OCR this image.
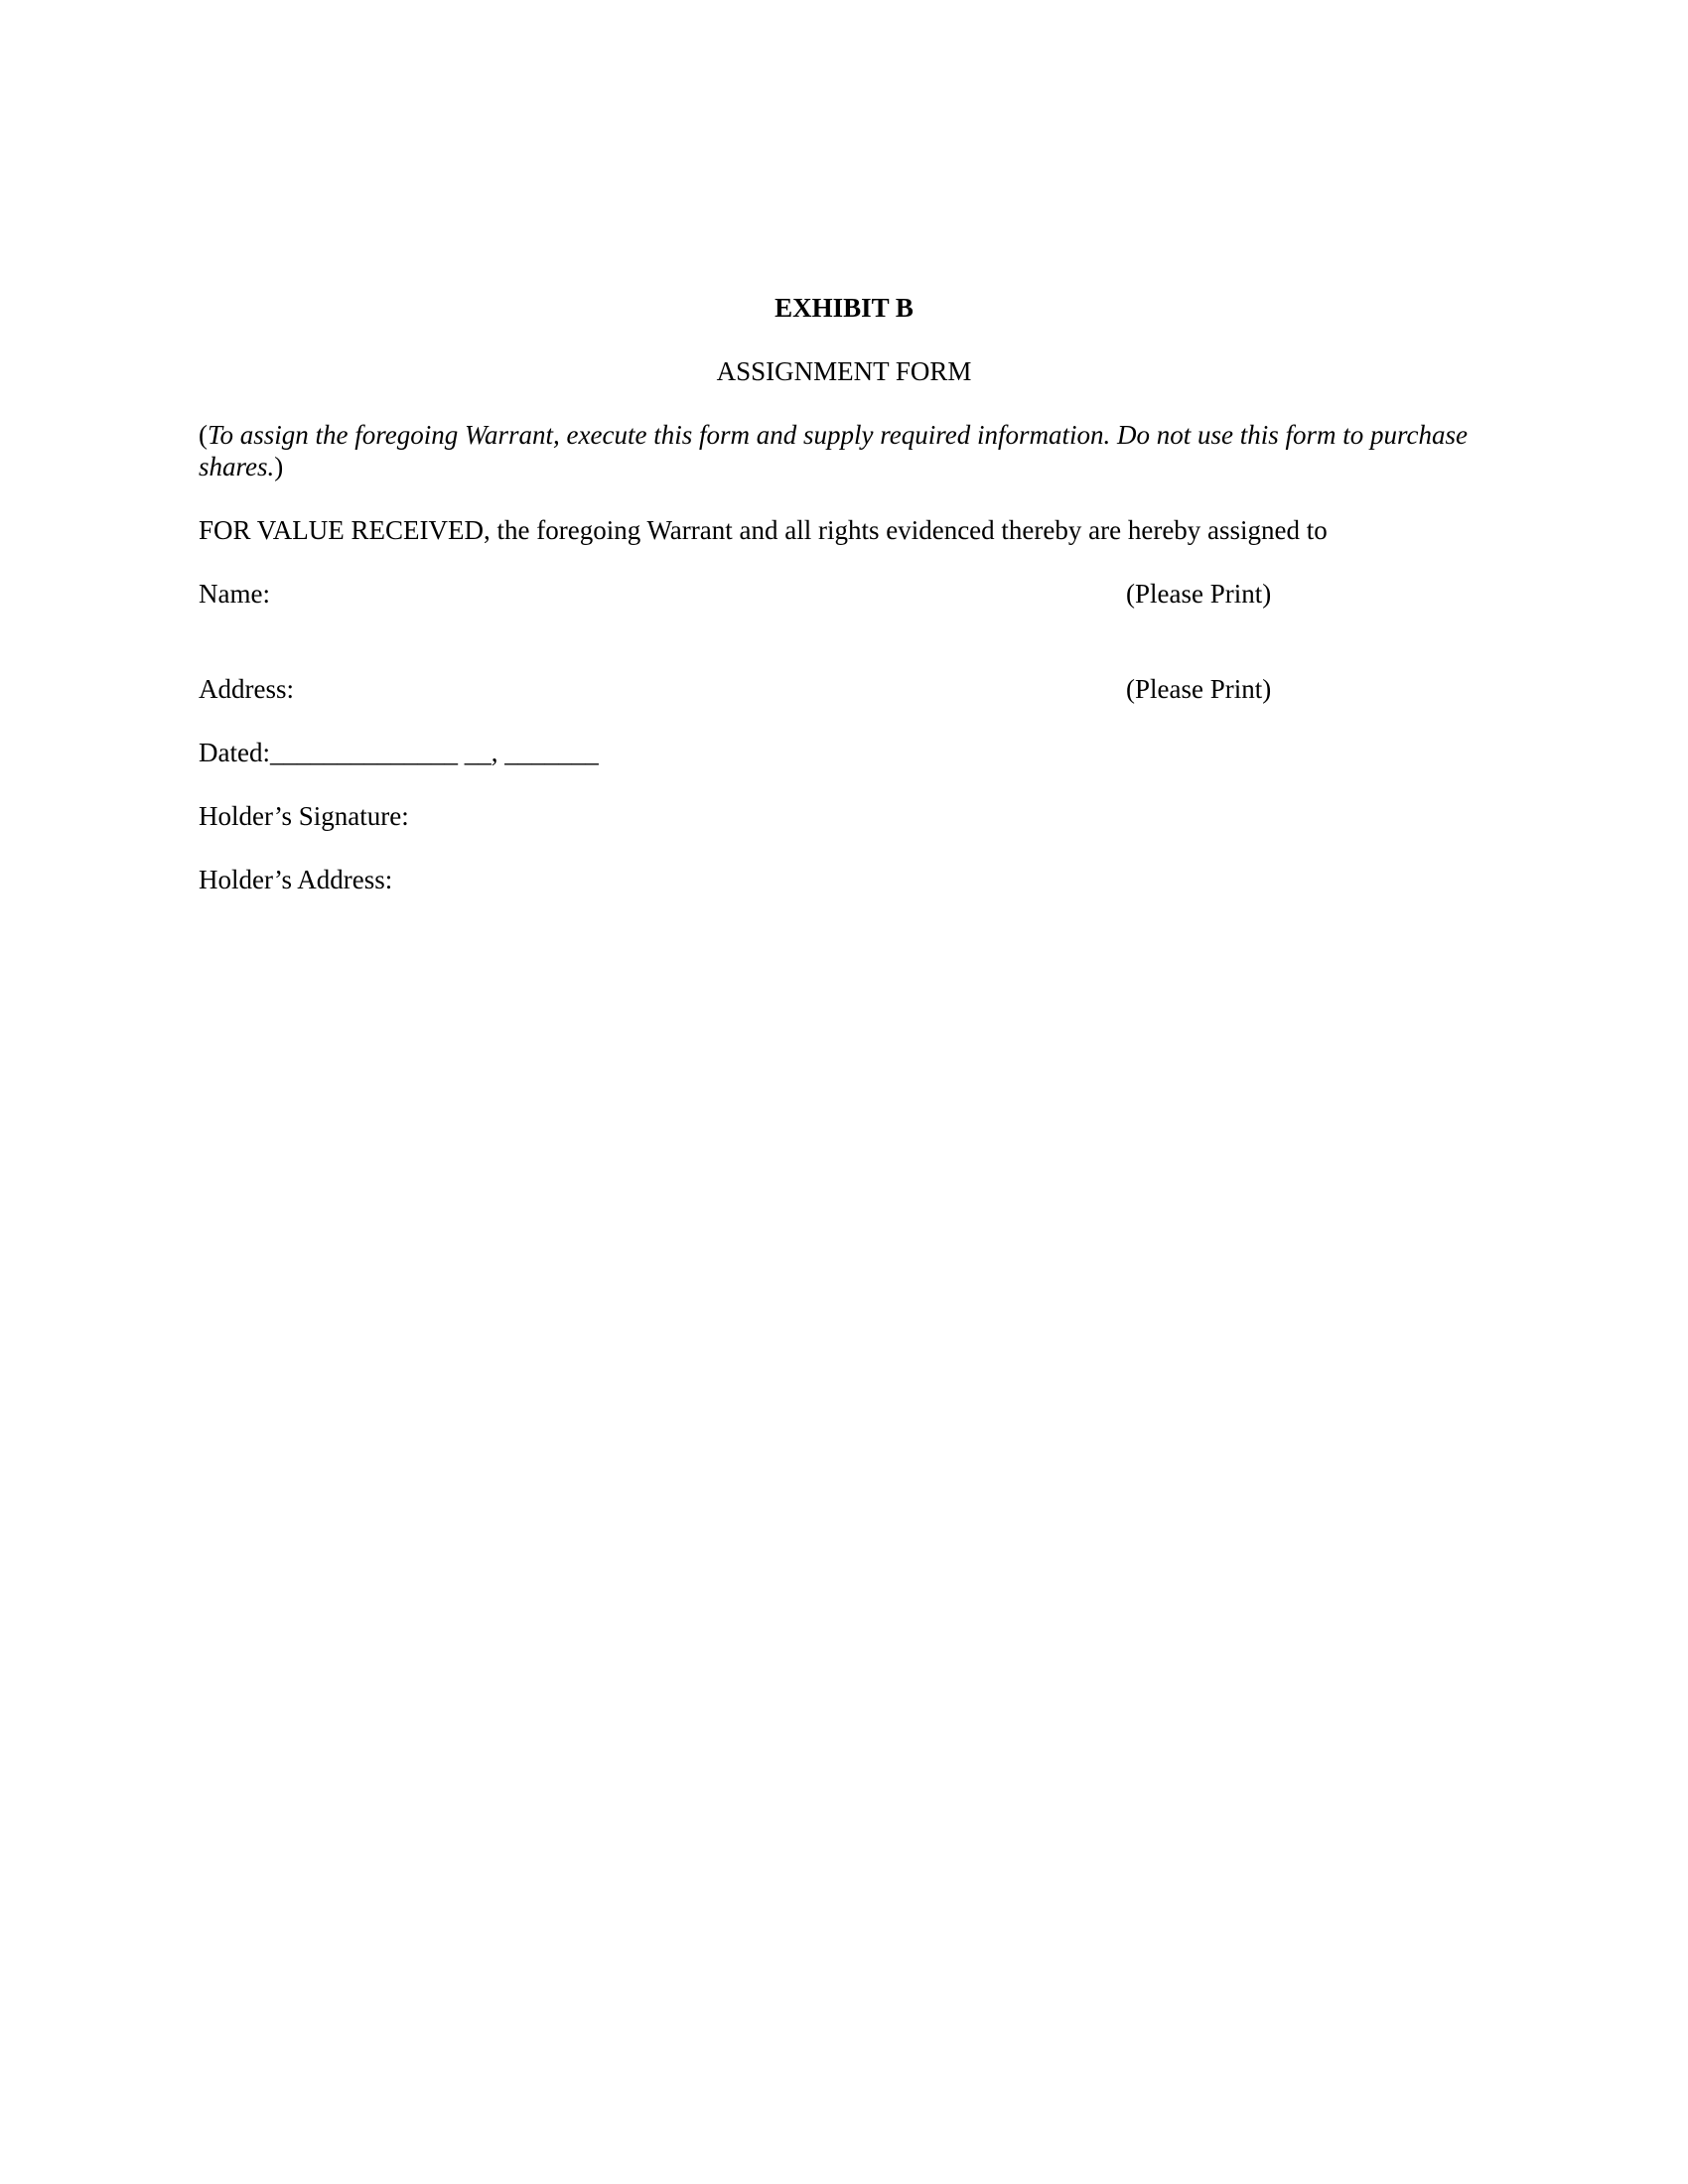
EXHIBIT B
ASSIGNMENT FORM
(To assign the foregoing Warrant, execute this form and supply required information. Do not use this form to purchase shares.)
FOR VALUE RECEIVED, the foregoing Warrant and all rights evidenced thereby are hereby assigned to
Name:	(Please Print)
Address:	(Please Print)
Dated:______________ __, _______
Holder’s Signature:
Holder’s Address:
